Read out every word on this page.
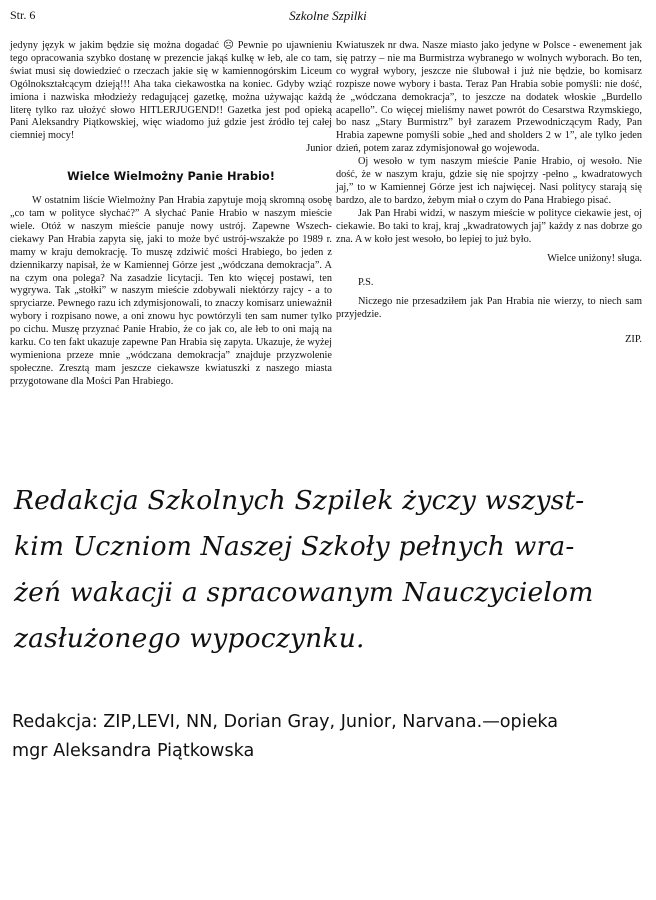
Str. 6	Szkolne Szpilki

jedyny język w jakim będzie się można dogadać ☹ Pewnie po ujawnieniu tego opracowania szybko dostanę w prezencie jakąś kulkę w łeb, ale co tam, świat musi się dowiedzieć o rzeczach jakie się w kamiennogórskim Liceum Ogólnokształcącym dzieją!!! Aha taka ciekawostka na koniec. Gdyby wziąć imiona i nazwiska młodzieży redagującej gazetkę, można używając każdą literę tylko raz ułożyć słowo HITLERJUGEND!! Gazetka jest pod opieką Pani Aleksandry Piątkowskiej, więc wiadomo już gdzie jest źródło tej całej ciemniej mocy!

Junior

Wielce Wielmożny Panie Hrabio!

W ostatnim liście Wielmożny Pan Hrabia zapytuje moją skromną osobę „co tam w polityce słychać?” A słychać Panie Hrabio w naszym mieście wiele. Otóż w naszym mieście panuje nowy ustrój. Zapewne Wszech- ciekawy Pan Hrabia zapyta się, jaki to może być ustrój-wszakże po 1989 r. mamy w kraju demokrację. To muszę zdziwić mości Hrabiego, bo jeden z dziennikarzy napisał, że w Kamiennej Górze jest „wódczana demokracja”. A na czym ona polega? Na zasadzie licytacji. Ten kto więcej postawi, ten wygrywa. Tak „stołki” w naszym mieście zdobywali niektórzy rajcy - a to spryciarze. Pewnego razu ich zdymisjonowali, to znaczy komisarz unieważnił wybory i rozpisano nowe, a oni znowu hyc powtórzyli ten sam numer tylko po cichu. Muszę przyznać Panie Hrabio, że co jak co, ale łeb to oni mają na karku. Co ten fakt ukazuje zapewne Pan Hrabia się zapyta. Ukazuje, że wyżej wymieniona przeze mnie „wódczana demokracja” znajduje przyzwolenie społeczne. Zresztą mam jeszcze ciekawsze kwiatuszki z naszego miasta przygotowane dla Mości Pan Hrabiego.

Kwiatuszek nr dwa. Nasze miasto jako jedyne w Polsce - ewenement jak się patrzy – nie ma Burmistrza wybranego w wolnych wyborach. Bo ten, co wygrał wybory, jeszcze nie ślubował i już nie będzie, bo komisarz rozpisze nowe wybory i basta. Teraz Pan Hrabia sobie pomyśli: nie dość, że „wódczana demokracja”, to jeszcze na dodatek włoskie „Burdello acapello”. Co więcej mieliśmy nawet powrót do Cesarstwa Rzymskiego, bo nasz „Stary Burmistrz” był zarazem Przewodniczącym Rady, Pan Hrabia zapewne pomyśli sobie „hed and sholders 2 w 1”, ale tylko jeden dzień, potem zaraz zdymisjonował go wojewoda.

Oj wesoło w tym naszym mieście Panie Hrabio, oj wesoło. Nie dość, że w naszym kraju, gdzie się nie spojrzy -pełno „ kwadratowych jaj,” to w Kamiennej Górze jest ich najwięcej. Nasi politycy starają się bardzo, ale to bardzo, żebym miał o czym do Pana Hrabiego pisać.

Jak Pan Hrabi widzi, w naszym mieście w polityce ciekawie jest, oj ciekawie. Bo taki to kraj, kraj „kwadratowych jaj” każdy z nas dobrze go zna. A w koło jest wesoło, bo lepiej to już było.

Wielce uniżony! sługa.

P.S.

Niczego nie przesadziłem jak Pan Hrabia nie wierzy, to niech sam przyjedzie.

ZIP.

Redakcja Szkolnych Szpilek życzy wszyst-

kim Uczniom Naszej Szkoły pełnych wra-

żeń wakacji a spracowanym Nauczycielom

zasłużonego wypoczynku.

Redakcja: ZIP,LEVI, NN, Dorian Gray, Junior, Narvana.—opieka

mgr Aleksandra Piątkowska
